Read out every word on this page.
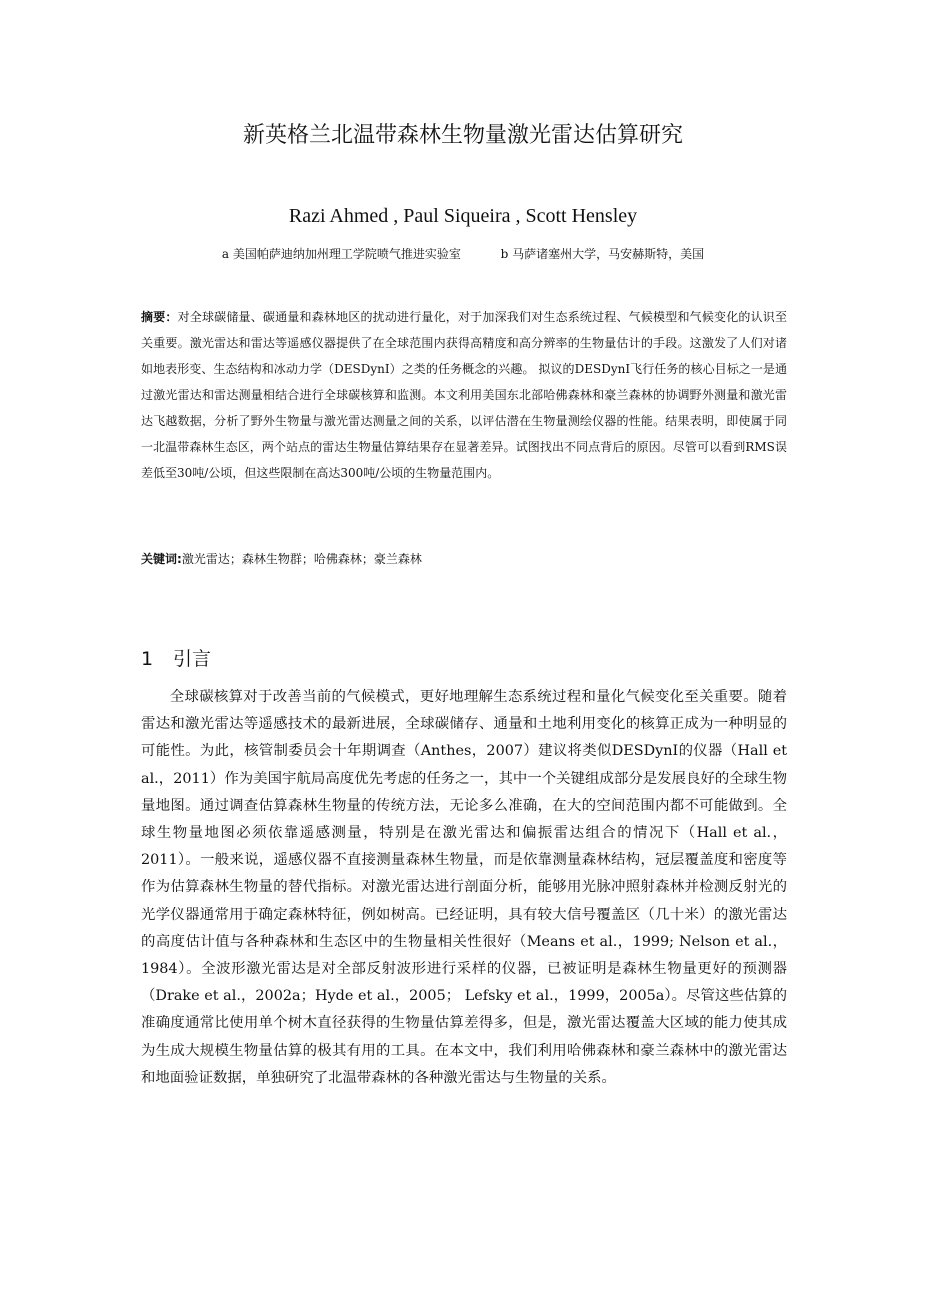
新英格兰北温带森林生物量激光雷达估算研究
Razi Ahmed , Paul Siqueira , Scott Hensley
a 美国帕萨迪纳加州理工学院喷气推进实验室	b 马萨诸塞州大学，马安赫斯特，美国
摘要：对全球碳储量、碳通量和森林地区的扰动进行量化，对于加深我们对生态系统过程、气候模型和气候变化的认识至关重要。激光雷达和雷达等遥感仪器提供了在全球范围内获得高精度和高分辨率的生物量估计的手段。这激发了人们对诸如地表形变、生态结构和冰动力学（DESDynI）之类的任务概念的兴趣。 拟议的DESDynI飞行任务的核心目标之一是通过激光雷达和雷达测量相结合进行全球碳核算和监测。本文利用美国东北部哈佛森林和豪兰森林的协调野外测量和激光雷达飞越数据，分析了野外生物量与激光雷达测量之间的关系，以评估潜在生物量测绘仪器的性能。结果表明，即使属于同一北温带森林生态区，两个站点的雷达生物量估算结果存在显著差异。试图找出不同点背后的原因。尽管可以看到RMS误差低至30吨/公顷，但这些限制在高达300吨/公顷的生物量范围内。
关键词:激光雷达；森林生物群；哈佛森林；豪兰森林
1 引言
全球碳核算对于改善当前的气候模式，更好地理解生态系统过程和量化气候变化至关重要。随着雷达和激光雷达等遥感技术的最新进展，全球碳储存、通量和土地利用变化的核算正成为一种明显的可能性。为此，核管制委员会十年期调查（Anthes，2007）建议将类似DESDynI的仪器（Hall et al.，2011）作为美国宇航局高度优先考虑的任务之一，其中一个关键组成部分是发展良好的全球生物量地图。通过调查估算森林生物量的传统方法，无论多么准确，在大的空间范围内都不可能做到。全球生物量地图必须依靠遥感测量，特别是在激光雷达和偏振雷达组合的情况下（Hall et al.，2011）。一般来说，遥感仪器不直接测量森林生物量，而是依靠测量森林结构，冠层覆盖度和密度等作为估算森林生物量的替代指标。对激光雷达进行剖面分析，能够用光脉冲照射森林并检测反射光的光学仪器通常用于确定森林特征，例如树高。已经证明，具有较大信号覆盖区（几十米）的激光雷达的高度估计值与各种森林和生态区中的生物量相关性很好（Means et al.，1999; Nelson et al.，1984）。全波形激光雷达是对全部反射波形进行采样的仪器，已被证明是森林生物量更好的预测器（Drake et al.，2002a；Hyde et al.，2005； Lefsky et al.，1999，2005a）。尽管这些估算的准确度通常比使用单个树木直径获得的生物量估算差得多，但是，激光雷达覆盖大区域的能力使其成为生成大规模生物量估算的极其有用的工具。在本文中，我们利用哈佛森林和豪兰森林中的激光雷达和地面验证数据，单独研究了北温带森林的各种激光雷达与生物量的关系。
